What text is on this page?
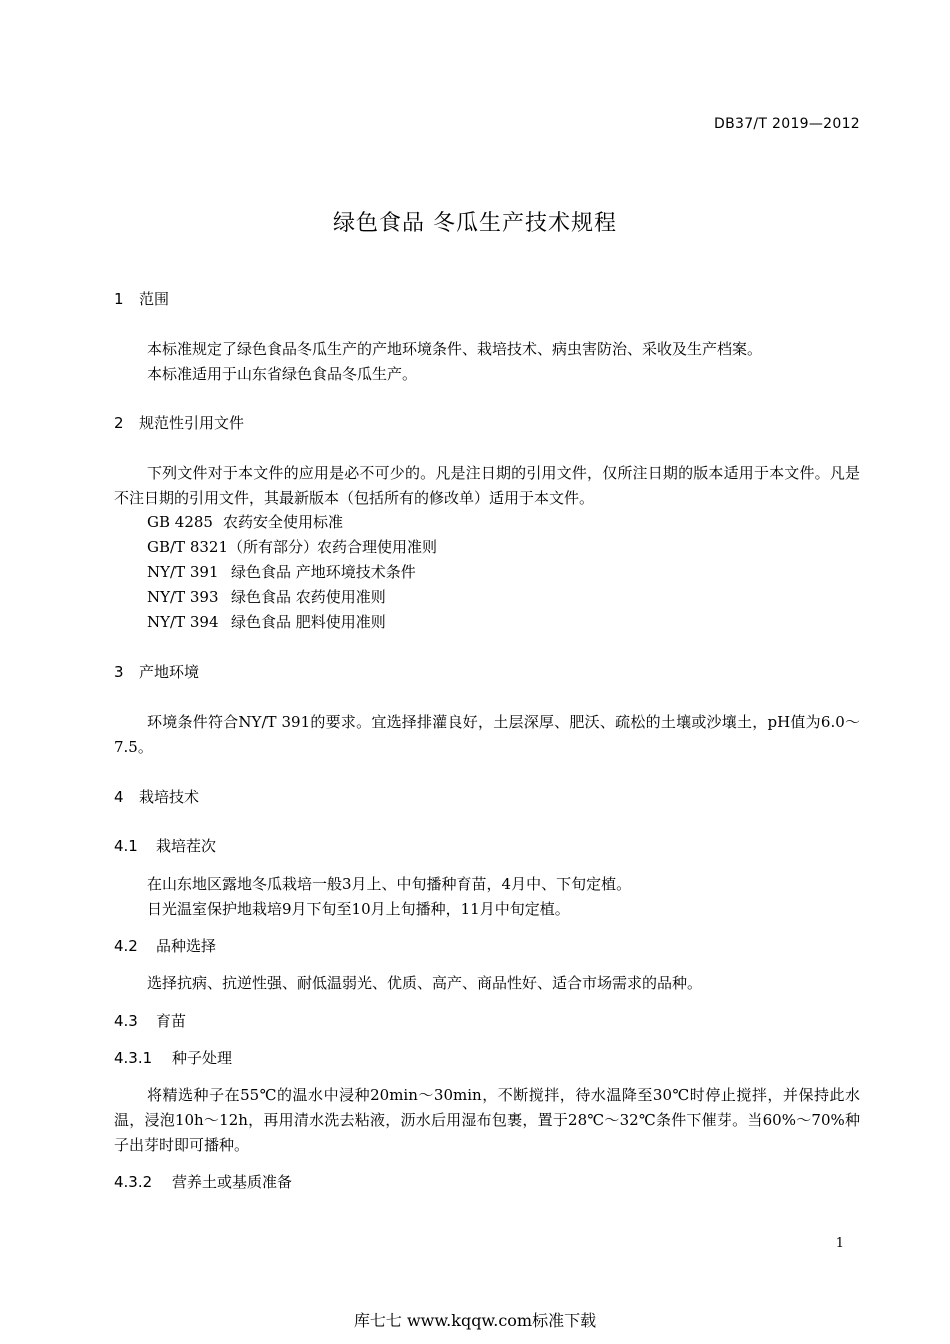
DB37/T 2019—2012
绿色食品 冬瓜生产技术规程
1 范围
本标准规定了绿色食品冬瓜生产的产地环境条件、栽培技术、病虫害防治、采收及生产档案。
本标准适用于山东省绿色食品冬瓜生产。
2 规范性引用文件
下列文件对于本文件的应用是必不可少的。凡是注日期的引用文件，仅所注日期的版本适用于本文件。凡是不注日期的引用文件，其最新版本（包括所有的修改单）适用于本文件。
GB 4285 农药安全使用标准
GB/T 8321（所有部分）农药合理使用准则
NY/T 391 绿色食品 产地环境技术条件
NY/T 393 绿色食品 农药使用准则
NY/T 394 绿色食品 肥料使用准则
3 产地环境
环境条件符合NY/T 391的要求。宜选择排灌良好，土层深厚、肥沃、疏松的土壤或沙壤土，pH值为6.0～7.5。
4 栽培技术
4.1 栽培茬次
在山东地区露地冬瓜栽培一般3月上、中旬播种育苗，4月中、下旬定植。
日光温室保护地栽培9月下旬至10月上旬播种，11月中旬定植。
4.2 品种选择
选择抗病、抗逆性强、耐低温弱光、优质、高产、商品性好、适合市场需求的品种。
4.3 育苗
4.3.1 种子处理
将精选种子在55℃的温水中浸种20min～30min，不断搅拌，待水温降至30℃时停止搅拌，并保持此水温，浸泡10h～12h，再用清水洗去粘液，沥水后用湿布包裹，置于28℃～32℃条件下催芽。当60%～70%种子出芽时即可播种。
4.3.2 营养土或基质准备
1
库七七 www.kqqw.com标准下载
